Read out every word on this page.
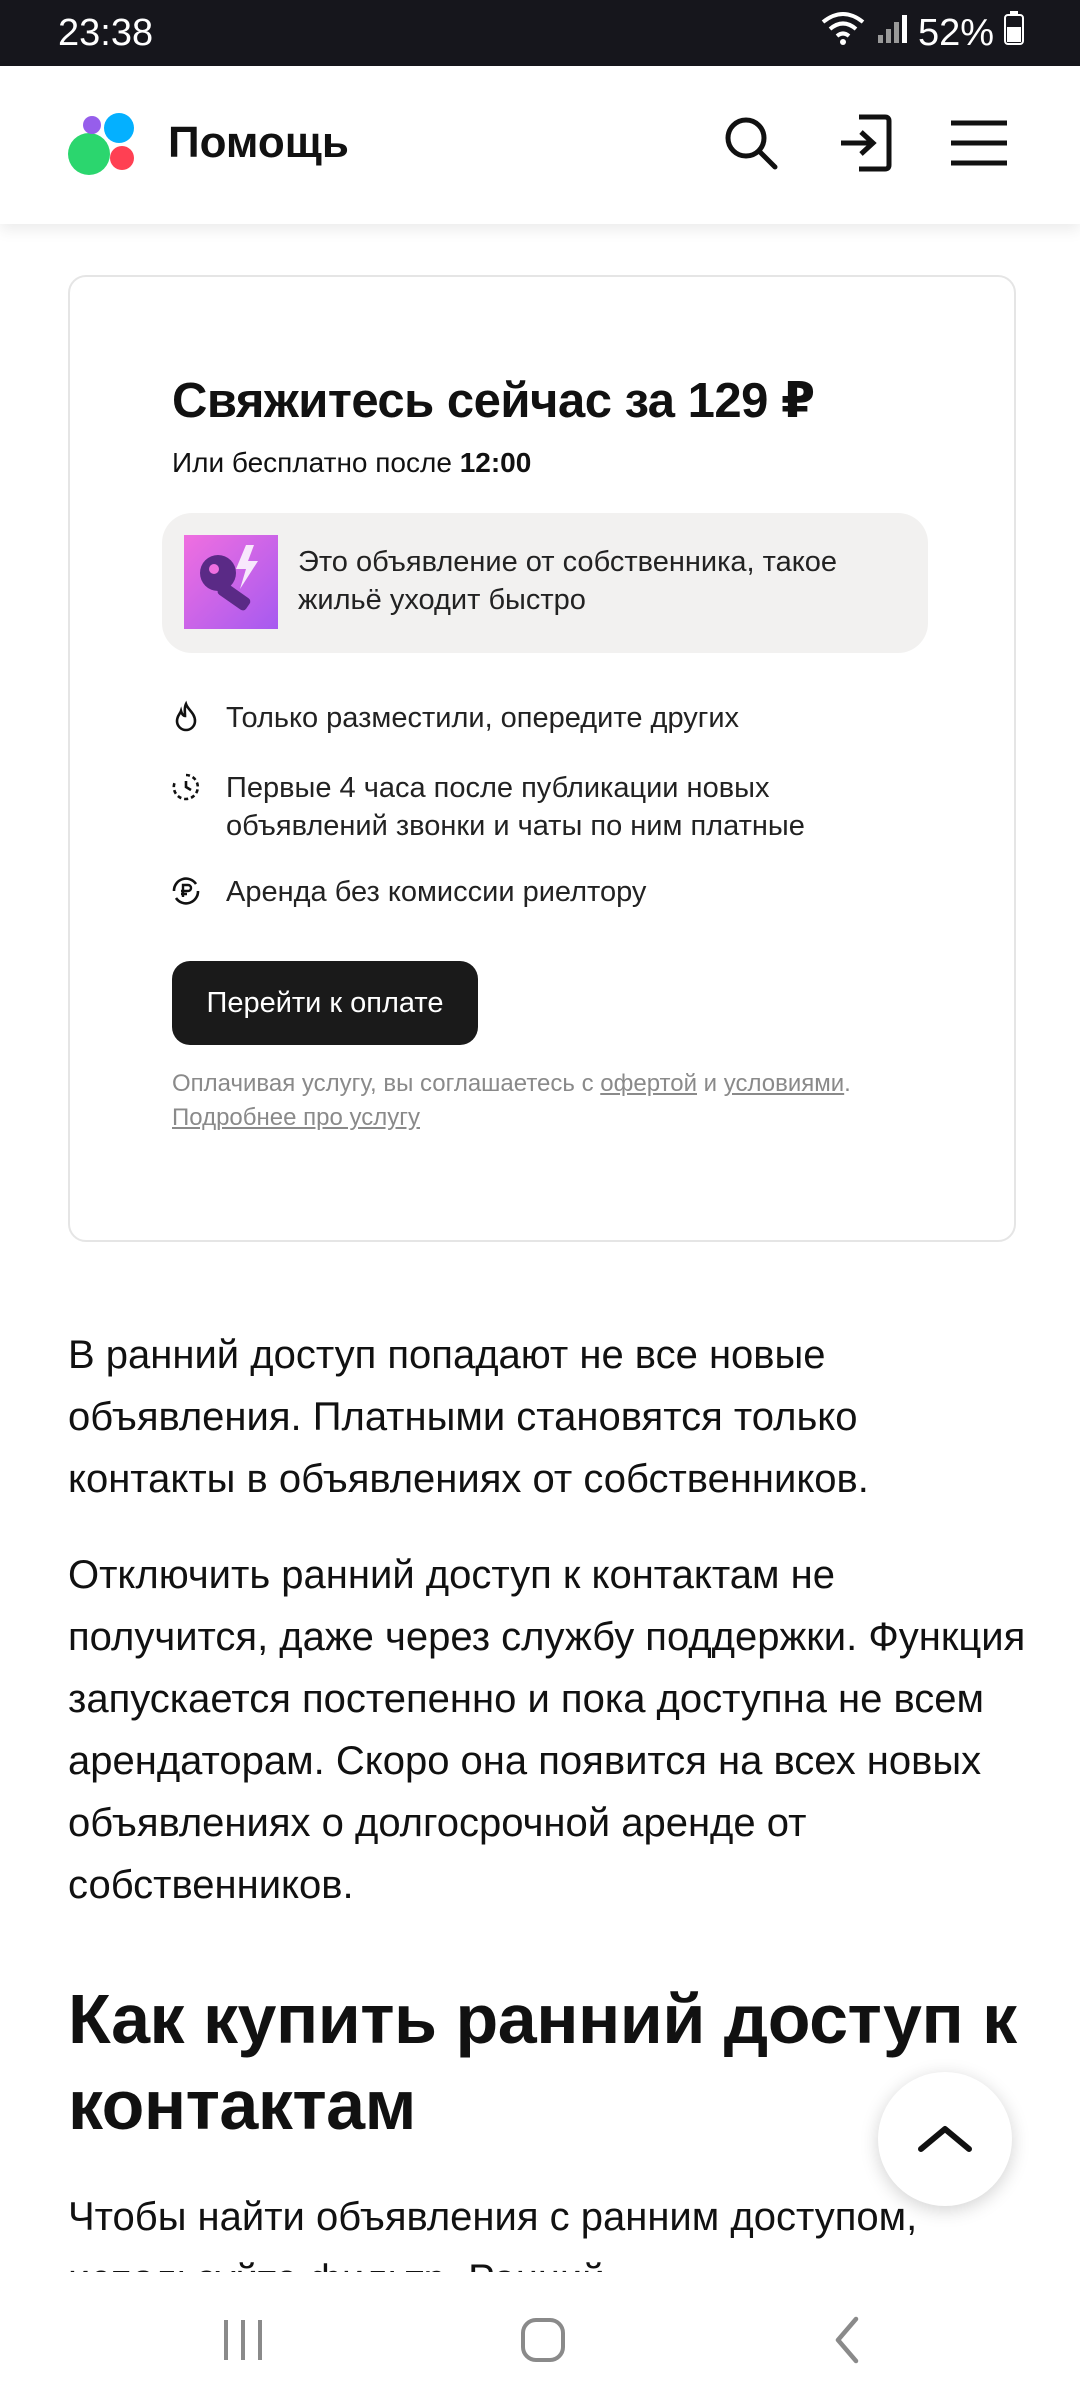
23:38	52%
Помощь
Свяжитесь сейчас за 129 ₽
Или бесплатно после 12:00
Это объявление от собственника, такое жильё уходит быстро
Только разместили, опередите других
Первые 4 часа после публикации новых объявлений звонки и чаты по ним платные
Аренда без комиссии риелтору
Перейти к оплате
Оплачивая услугу, вы соглашаетесь с офертой и условиями.
Подробнее про услугу
В ранний доступ попадают не все новые объявления. Платными становятся только контакты в объявлениях от собственников.
Отключить ранний доступ к контактам не получится, даже через службу поддержки. Функция запускается постепенно и пока доступна не всем арендаторам. Скоро она появится на всех новых объявлениях о долгосрочной аренде от собственников.
Как купить ранний доступ к контактам
Чтобы найти объявления с ранним доступом,
